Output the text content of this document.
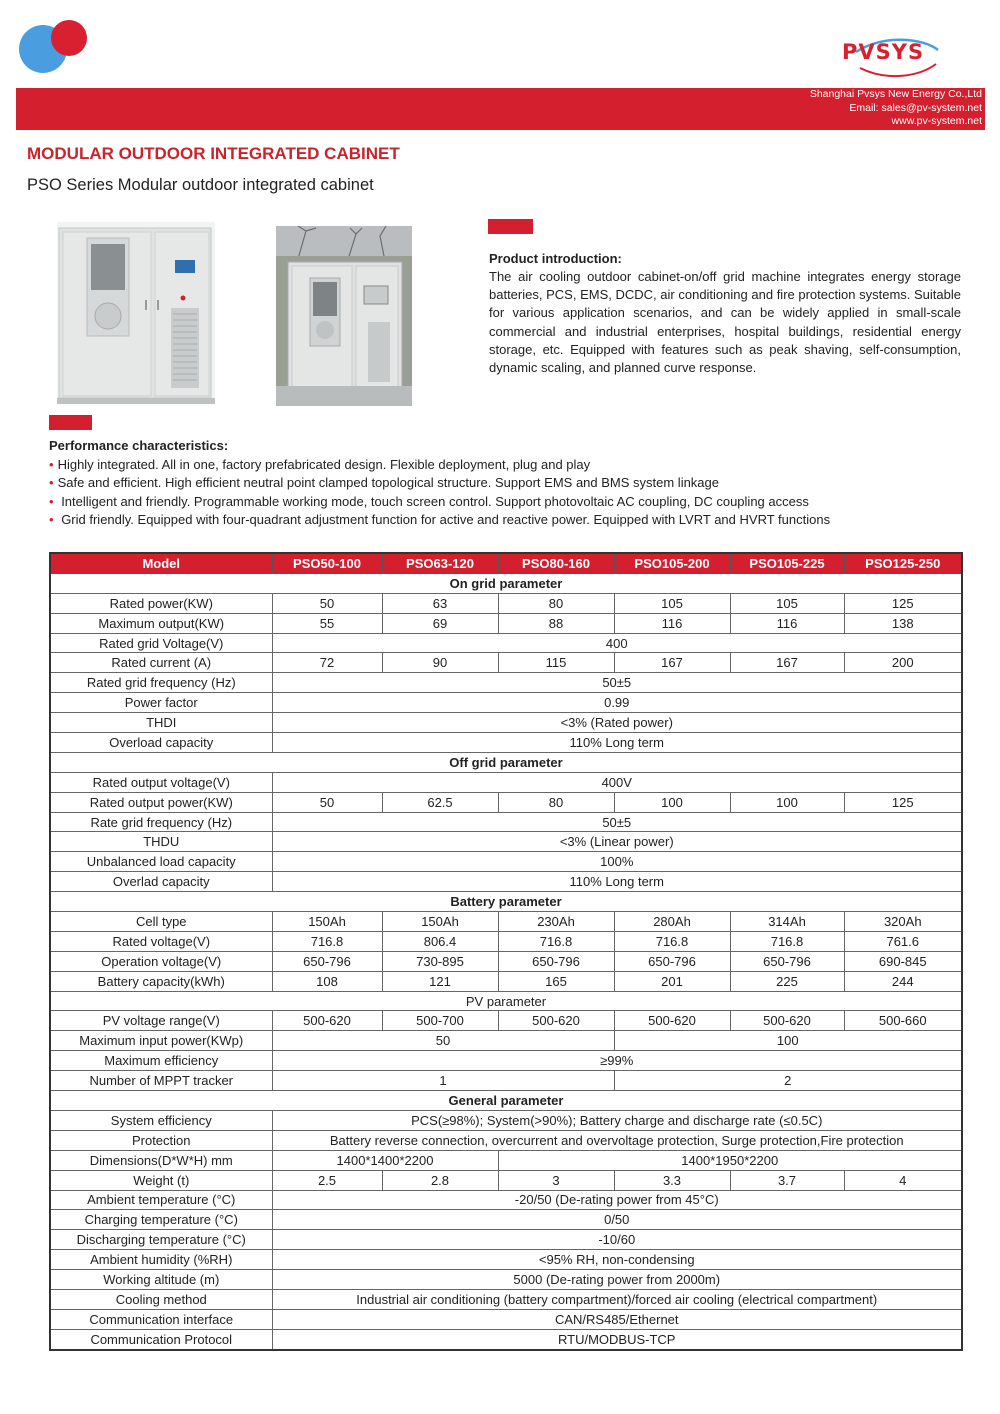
PVSYS
Shanghai Pvsys New Energy Co.,Ltd
Email: sales@pv-system.net
www.pv-system.net
MODULAR OUTDOOR INTEGRATED CABINET
PSO Series Modular outdoor integrated cabinet
Product introduction:
The air cooling outdoor cabinet-on/off grid machine integrates energy storage batteries, PCS, EMS, DCDC, air conditioning and fire protection systems. Suitable for various application scenarios, and can be widely applied in small-scale commercial and industrial enterprises, hospital buildings, residential energy storage, etc. Equipped with features such as peak shaving, self-consumption, dynamic scaling, and planned curve response.
Performance characteristics:
• Highly integrated. All in one, factory prefabricated design. Flexible deployment, plug and play
• Safe and efficient. High efficient neutral point clamped topological structure. Support EMS and BMS system linkage
• Intelligent and friendly. Programmable working mode, touch screen control. Support photovoltaic AC coupling, DC coupling access
• Grid friendly. Equipped with four-quadrant adjustment function for active and reactive power. Equipped with LVRT and HVRT functions
Model	PSO50-100	PSO63-120	PSO80-160	PSO105-200	PSO105-225	PSO125-250
On grid parameter						
Rated power(KW)	50	63	80	105	105	125
Maximum output(KW)	55	69	88	116	116	138
Rated grid Voltage(V)	400					
Rated current (A)	72	90	115	167	167	200
Rated grid frequency (Hz)	50±5					
Power factor	0.99					
THDI	<3% (Rated power)					
Overload capacity	110% Long term					
Off grid parameter						
Rated output voltage(V)	400V					
Rated output power(KW)	50	62.5	80	100	100	125
Rate grid frequency (Hz)	50±5					
THDU	<3% (Linear power)					
Unbalanced load capacity	100%					
Overlad capacity	110% Long term					
Battery parameter						
Cell type	150Ah	150Ah	230Ah	280Ah	314Ah	320Ah
Rated voltage(V)	716.8	806.4	716.8	716.8	716.8	761.6
Operation voltage(V)	650-796	730-895	650-796	650-796	650-796	690-845
Battery capacity(kWh)	108	121	165	201	225	244
PV parameter						
PV voltage range(V)	500-620	500-700	500-620	500-620	500-620	500-660
Maximum input power(KWp)	50			100		
Maximum efficiency	≥99%					
Number of MPPT tracker	1			2		
General parameter						
System efficiency	PCS(≥98%); System(>90%); Battery charge and discharge rate (≤0.5C)					
Protection	Battery reverse connection, overcurrent and overvoltage protection, Surge protection,Fire protection					
Dimensions(D*W*H) mm	1400*1400*2200		1400*1950*2200			
Weight (t)	2.5	2.8	3	3.3	3.7	4
Ambient temperature (°C)	-20/50 (De-rating power from 45°C)					
Charging temperature (°C)	0/50					
Discharging temperature (°C)	-10/60					
Ambient humidity (%RH)	<95% RH, non-condensing					
Working altitude (m)	5000 (De-rating power from 2000m)					
Cooling method	Industrial air conditioning (battery compartment)/forced air cooling (electrical compartment)					
Communication interface	CAN/RS485/Ethernet					
Communication Protocol	RTU/MODBUS-TCP					
